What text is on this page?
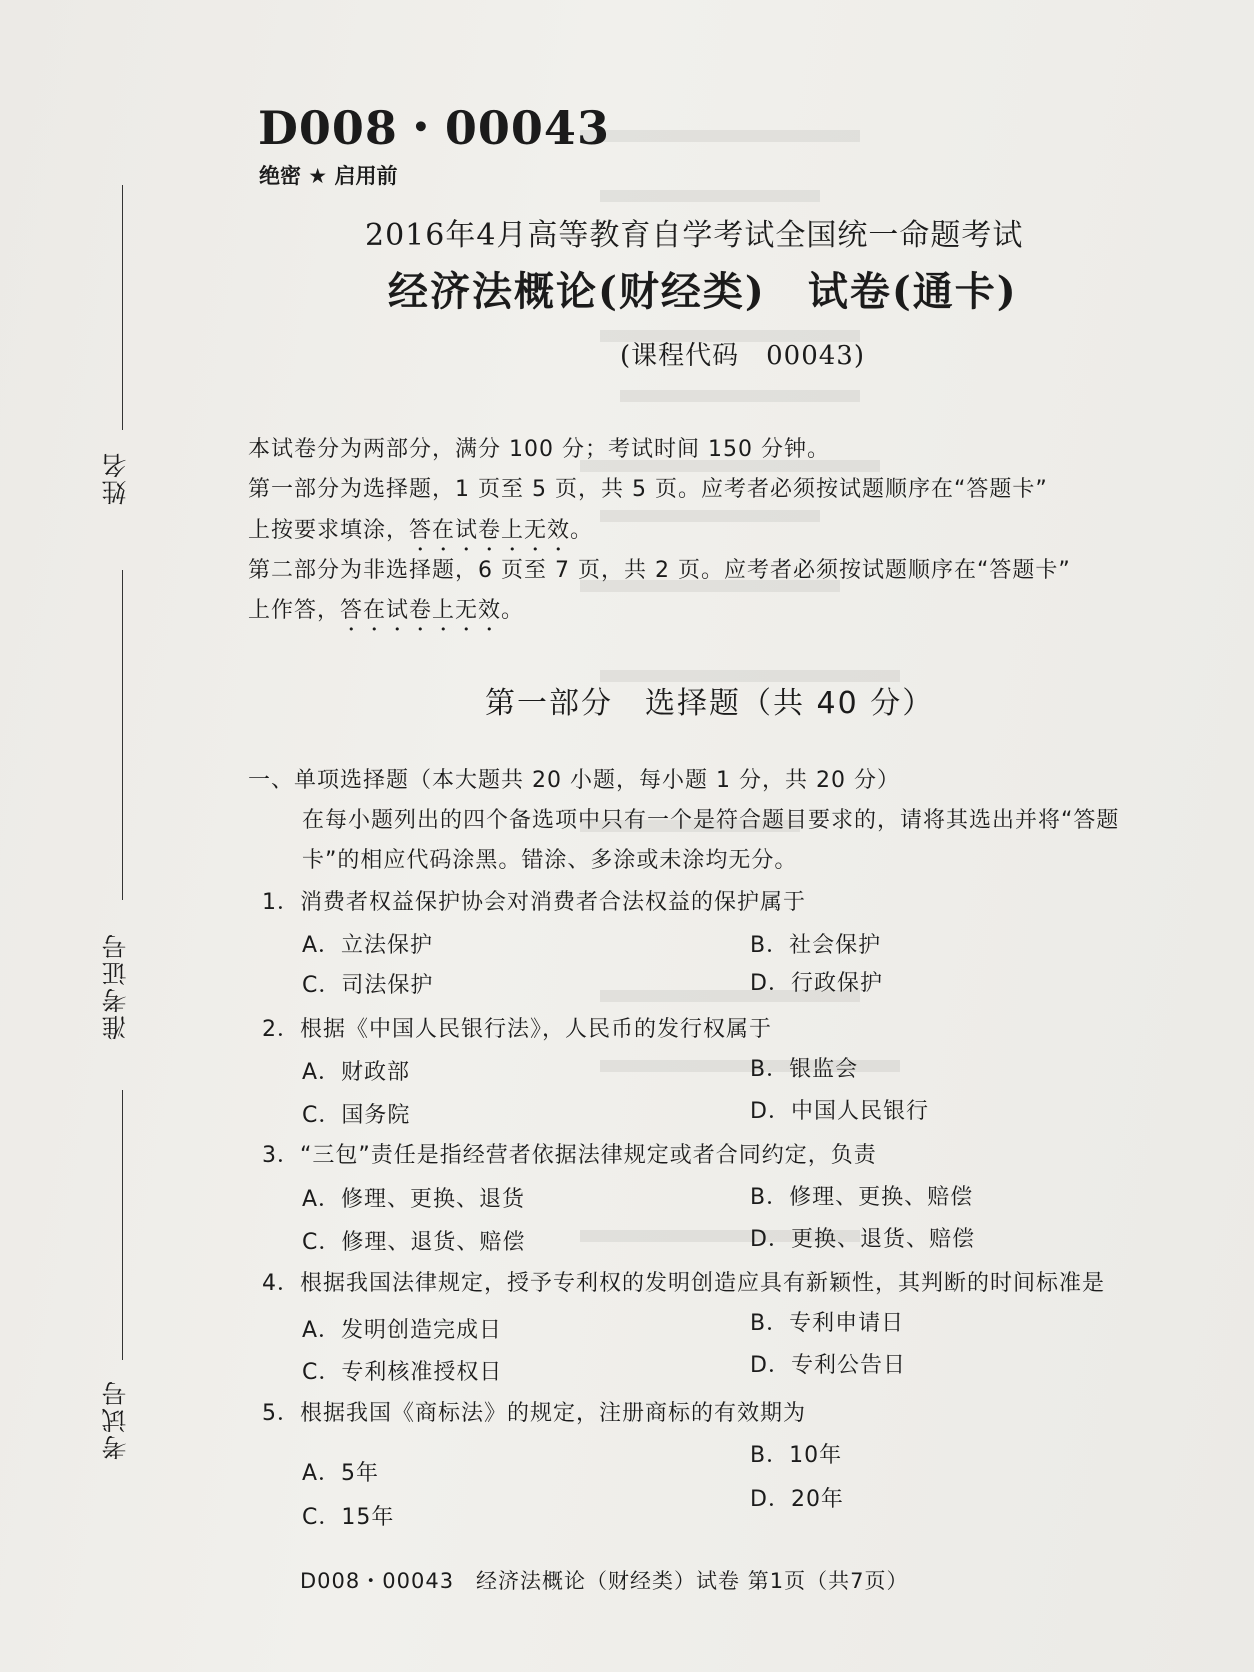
姓名
准考证号
考试号
D008・00043
绝密 ★ 启用前
2016年4月高等教育自学考试全国统一命题考试
经济法概论(财经类)　试卷(通卡)
(课程代码　00043)
本试卷分为两部分，满分 100 分；考试时间 150 分钟。
第一部分为选择题，1 页至 5 页，共 5 页。应考者必须按试题顺序在“答题卡”
上按要求填涂，答在试卷上无效。
第二部分为非选择题，6 页至 7 页，共 2 页。应考者必须按试题顺序在“答题卡”
上作答，答在试卷上无效。
第一部分　选择题（共 40 分）
一、单项选择题（本大题共 20 小题，每小题 1 分，共 20 分）
在每小题列出的四个备选项中只有一个是符合题目要求的，请将其选出并将“答题
卡”的相应代码涂黑。错涂、多涂或未涂均无分。
1．消费者权益保护协会对消费者合法权益的保护属于
A．立法保护	B．社会保护
C．司法保护	D．行政保护
2．根据《中国人民银行法》，人民币的发行权属于
A．财政部	B．银监会
C．国务院	D．中国人民银行
3．“三包”责任是指经营者依据法律规定或者合同约定，负责
A．修理、更换、退货	B．修理、更换、赔偿
C．修理、退货、赔偿	D．更换、退货、赔偿
4．根据我国法律规定，授予专利权的发明创造应具有新颖性，其判断的时间标准是
A．发明创造完成日	B．专利申请日
C．专利核准授权日	D．专利公告日
5．根据我国《商标法》的规定，注册商标的有效期为
A．5年
B．10年
C．15年
D．20年
D008・00043　经济法概论（财经类）试卷 第1页（共7页）
